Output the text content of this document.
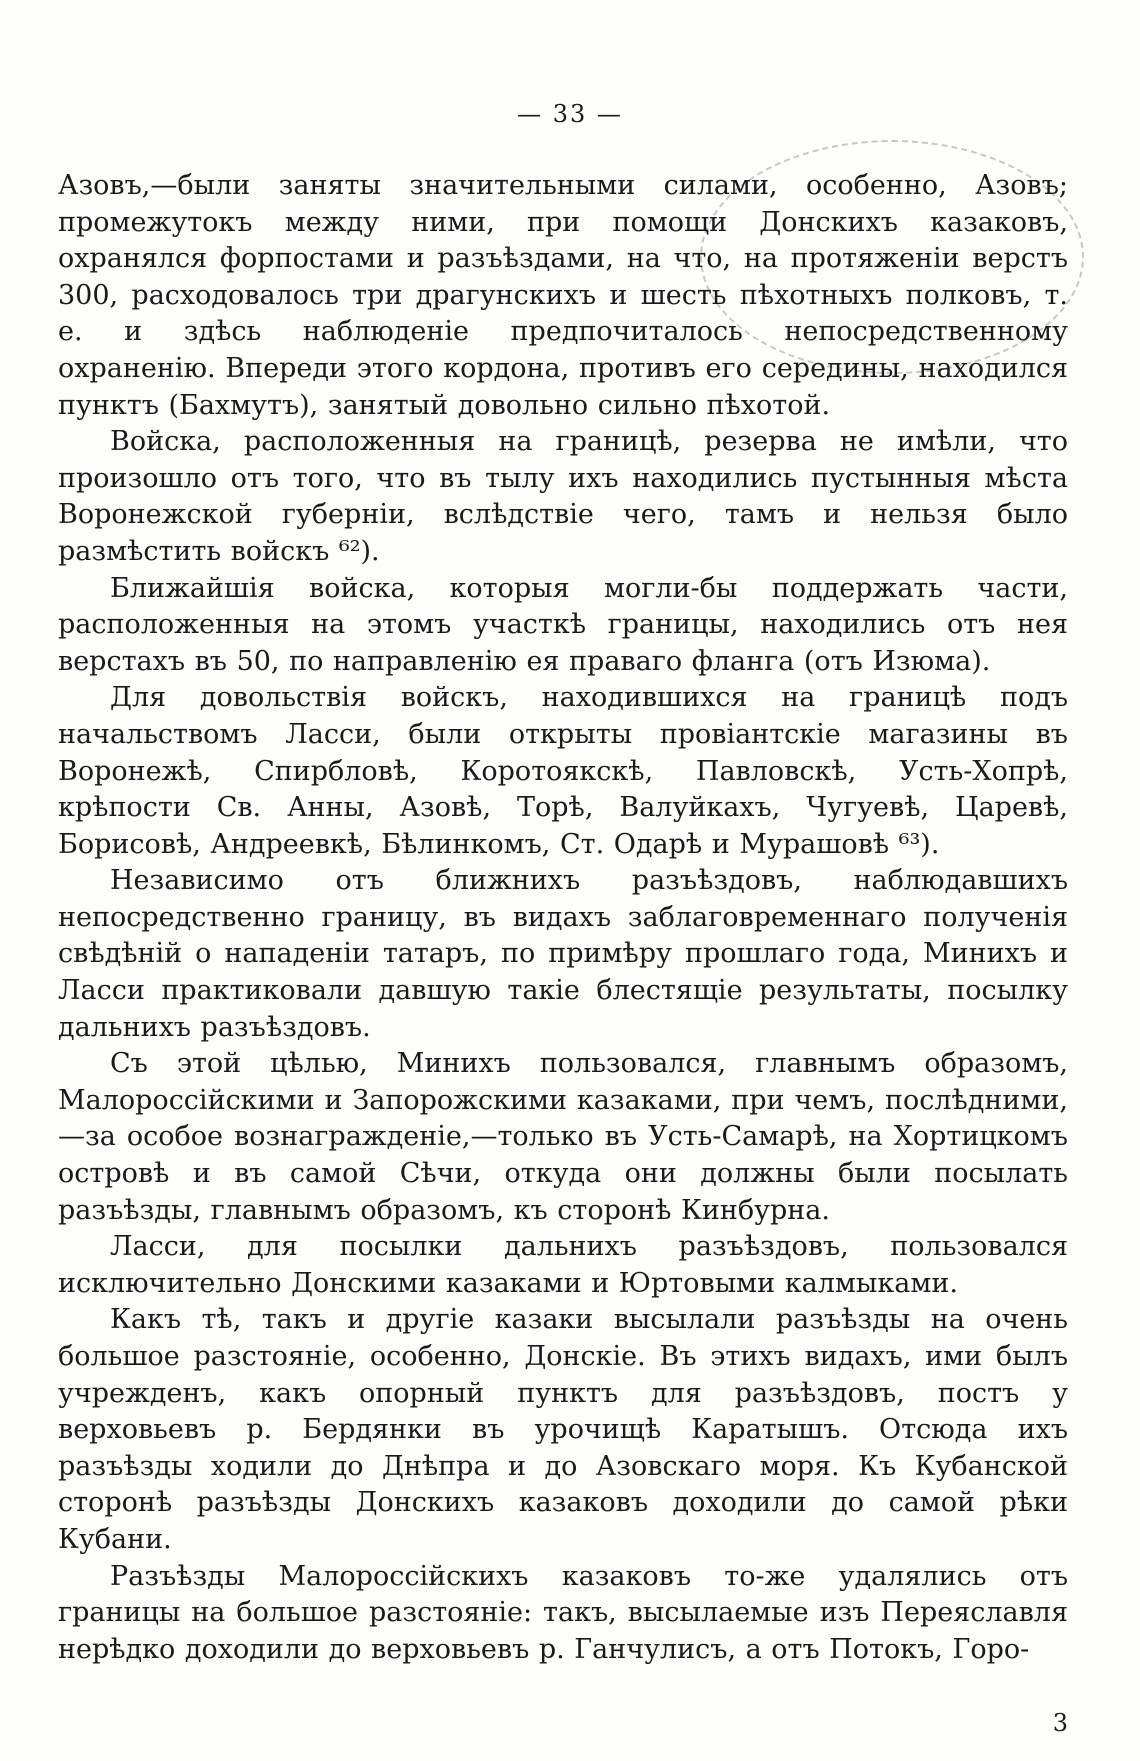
— 33 —

Азовъ,—были заняты значительными силами, особенно, Азовъ; промежутокъ между ними, при помощи Донскихъ казаковъ, охранялся форпостами и разъѣздами, на что, на протяженіи верстъ 300, расходовалось три драгунскихъ и шесть пѣхотныхъ полковъ, т. е. и здѣсь наблюденіе предпочиталось непосредственному охраненію. Впереди этого кордона, противъ его середины, находился пунктъ (Бахмутъ), занятый довольно сильно пѣхотой.

Войска, расположенныя на границѣ, резерва не имѣли, что произошло отъ того, что въ тылу ихъ находились пустынныя мѣста Воронежской губерніи, вслѣдствіе чего, тамъ и нельзя было размѣстить войскъ ⁶²).

Ближайшія войска, которыя могли-бы поддержать части, расположенныя на этомъ участкѣ границы, находились отъ нея верстахъ въ 50, по направленію ея праваго фланга (отъ Изюма).

Для довольствія войскъ, находившихся на границѣ подъ начальствомъ Ласси, были открыты провіантскіе магазины въ Воронежѣ, Спирбловѣ, Коротоякскѣ, Павловскѣ, Усть-Хопрѣ, крѣпости Св. Анны, Азовѣ, Торѣ, Валуйкахъ, Чугуевѣ, Царевѣ, Борисовѣ, Андреевкѣ, Бѣлинкомъ, Ст. Одарѣ и Мурашовѣ ⁶³).

Независимо отъ ближнихъ разъѣздовъ, наблюдавшихъ непосредственно границу, въ видахъ заблаговременнаго полученія свѣдѣній о нападеніи татаръ, по примѣру прошлаго года, Минихъ и Ласси практиковали давшую такіе блестящіе результаты, посылку дальнихъ разъѣздовъ.

Съ этой цѣлью, Минихъ пользовался, главнымъ образомъ, Малороссійскими и Запорожскими казаками, при чемъ, послѣдними,—за особое вознагражденіе,—только въ Усть-Самарѣ, на Хортицкомъ островѣ и въ самой Сѣчи, откуда они должны были посылать разъѣзды, главнымъ образомъ, къ сторонѣ Кинбурна.

Ласси, для посылки дальнихъ разъѣздовъ, пользовался исключительно Донскими казаками и Юртовыми калмыками.

Какъ тѣ, такъ и другіе казаки высылали разъѣзды на очень большое разстояніе, особенно, Донскіе. Въ этихъ видахъ, ими былъ учрежденъ, какъ опорный пунктъ для разъѣздовъ, постъ у верховьевъ р. Бердянки въ урочищѣ Каратышъ. Отсюда ихъ разъѣзды ходили до Днѣпра и до Азовскаго моря. Къ Кубанской сторонѣ разъѣзды Донскихъ казаковъ доходили до самой рѣки Кубани.

Разъѣзды Малороссійскихъ казаковъ то-же удалялись отъ границы на большое разстояніе: такъ, высылаемые изъ Переяславля нерѣдко доходили до верховьевъ р. Ганчулисъ, а отъ Потокъ, Горо-

3
